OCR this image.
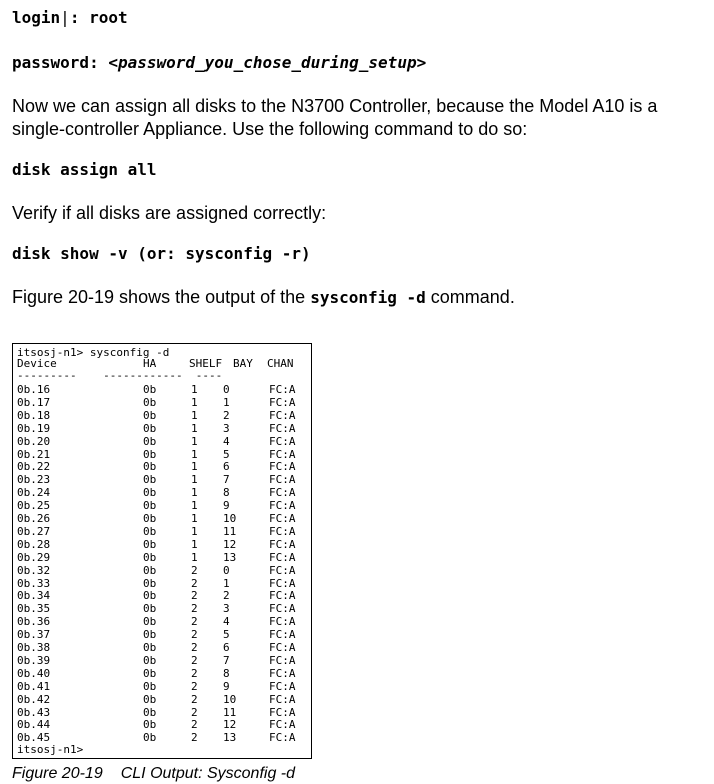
login|: root
password: <password_you_chose_during_setup>
Now we can assign all disks to the N3700 Controller, because the Model A10 is a single-controller Appliance. Use the following command to do so:
disk assign all
Verify if all disks are assigned correctly:
disk show -v (or: sysconfig -r)
Figure 20-19 shows the output of the sysconfig -d command.
itsosj-n1> sysconfig -d
Device	HA	SHELF BAY CHAN
---------    ------------  ----
0b.16	0b	1 0	FC:A
0b.17	0b	1 1	FC:A
0b.18	0b	1 2	FC:A
0b.19	0b	1 3	FC:A
0b.20	0b	1 4	FC:A
0b.21	0b	1 5	FC:A
0b.22	0b	1 6	FC:A
0b.23	0b	1 7	FC:A
0b.24	0b	1 8	FC:A
0b.25	0b	1 9	FC:A
0b.26	0b	1 10	FC:A
0b.27	0b	1 11	FC:A
0b.28	0b	1 12	FC:A
0b.29	0b	1 13	FC:A
0b.32	0b	2 0	FC:A
0b.33	0b	2 1	FC:A
0b.34	0b	2 2	FC:A
0b.35	0b	2 3	FC:A
0b.36	0b	2 4	FC:A
0b.37	0b	2 5	FC:A
0b.38	0b	2 6	FC:A
0b.39	0b	2 7	FC:A
0b.40	0b	2 8	FC:A
0b.41	0b	2 9	FC:A
0b.42	0b	2 10	FC:A
0b.43	0b	2 11	FC:A
0b.44	0b	2 12	FC:A
0b.45	0b	2 13	FC:A
itsosj-n1>
Figure 20-19 CLI Output: Sysconfig -d
